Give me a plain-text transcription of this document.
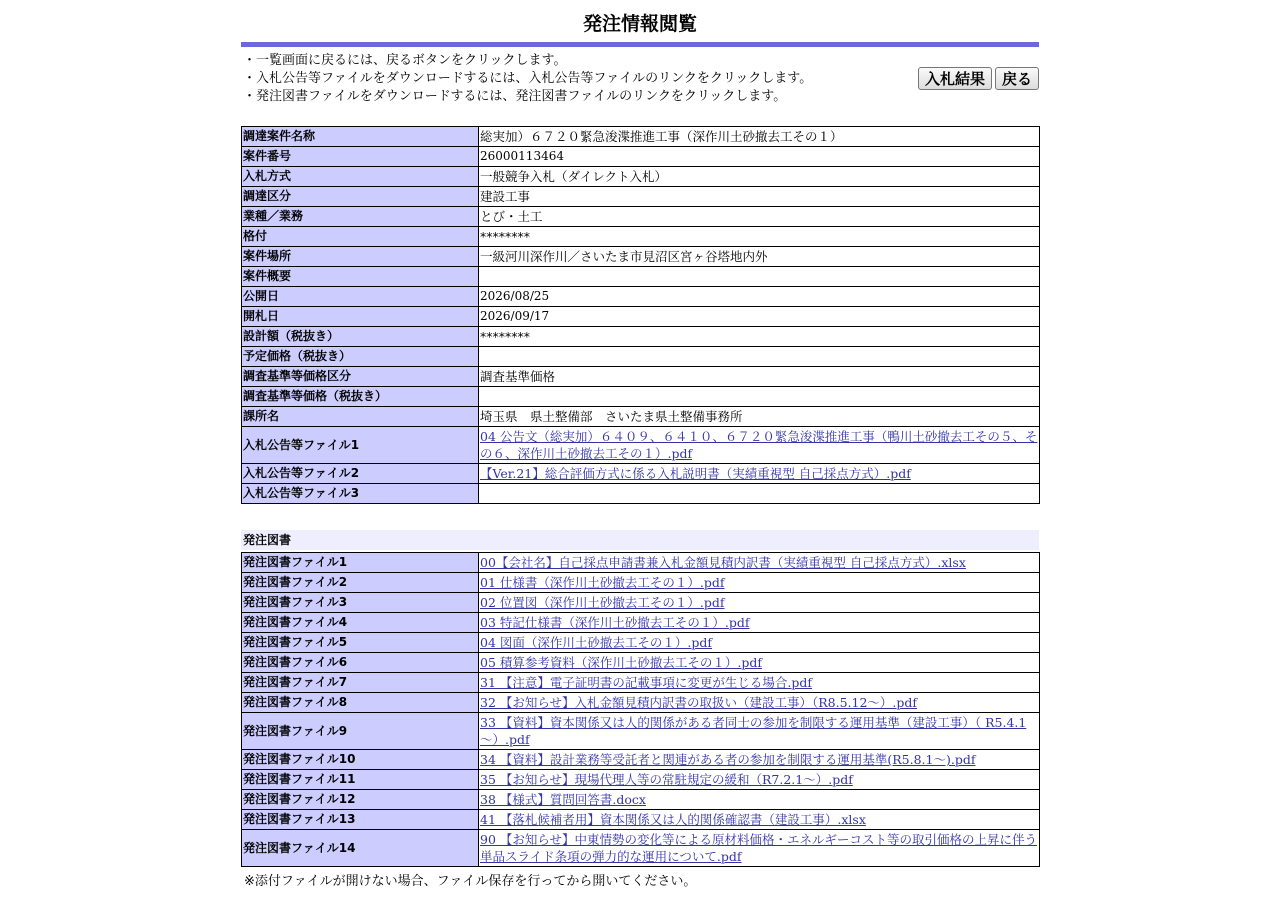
発注情報閲覧
・一覧画面に戻るには、戻るボタンをクリックします。
・入札公告等ファイルをダウンロードするには、入札公告等ファイルのリンクをクリックします。
・発注図書ファイルをダウンロードするには、発注図書ファイルのリンクをクリックします。
入札結果	戻る
調達案件名称	総実加）６７２０緊急浚渫推進工事（深作川土砂撤去工その１）
案件番号	26000113464
入札方式	一般競争入札（ダイレクト入札）
調達区分	建設工事
業種／業務	とび・土工
格付	********
案件場所	一級河川深作川／さいたま市見沼区宮ヶ谷塔地内外
案件概要	
公開日	2026/08/25
開札日	2026/09/17
設計額（税抜き）	********
予定価格（税抜き）	
調査基準等価格区分	調査基準価格
調査基準等価格（税抜き）	
課所名	埼玉県　県土整備部　さいたま県土整備事務所
入札公告等ファイル1	04 公告文（総実加）６４０９、６４１０、６７２０緊急浚渫推進工事（鴨川土砂撤去工その５、その６、深作川土砂撤去工その１）.pdf
入札公告等ファイル2	【Ver.21】総合評価方式に係る入札説明書（実績重視型 自己採点方式）.pdf
入札公告等ファイル3	
発注図書
発注図書ファイル1	00【会社名】自己採点申請書兼入札金額見積内訳書（実績重視型 自己採点方式）.xlsx
発注図書ファイル2	01 仕様書（深作川土砂撤去工その１）.pdf
発注図書ファイル3	02 位置図（深作川土砂撤去工その１）.pdf
発注図書ファイル4	03 特記仕様書（深作川土砂撤去工その１）.pdf
発注図書ファイル5	04 図面（深作川土砂撤去工その１）.pdf
発注図書ファイル6	05 積算参考資料（深作川土砂撤去工その１）.pdf
発注図書ファイル7	31 【注意】電子証明書の記載事項に変更が生じる場合.pdf
発注図書ファイル8	32 【お知らせ】入札金額見積内訳書の取扱い（建設工事）（R8.5.12～）.pdf
発注図書ファイル9	33 【資料】資本関係又は人的関係がある者同士の参加を制限する運用基準（建設工事）（ R5.4.1～）.pdf
発注図書ファイル10	34 【資料】設計業務等受託者と関連がある者の参加を制限する運用基準(R5.8.1～).pdf
発注図書ファイル11	35 【お知らせ】現場代理人等の常駐規定の緩和（R7.2.1～）.pdf
発注図書ファイル12	38 【様式】質問回答書.docx
発注図書ファイル13	41 【落札候補者用】資本関係又は人的関係確認書（建設工事）.xlsx
発注図書ファイル14	90 【お知らせ】中東情勢の変化等による原材料価格・エネルギーコスト等の取引価格の上昇に伴う単品スライド条項の弾力的な運用について.pdf
※添付ファイルが開けない場合、ファイル保存を行ってから開いてください。
